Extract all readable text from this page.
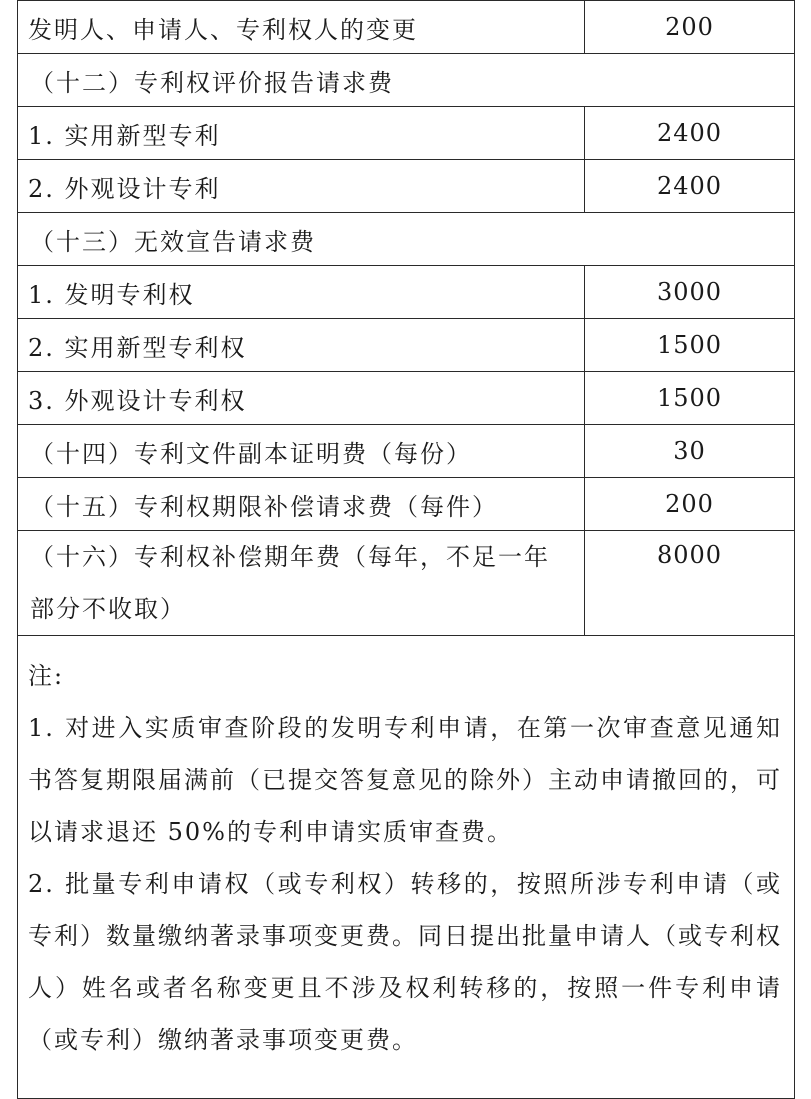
发明人、申请人、专利权人的变更	200
（十二）专利权评价报告请求费	
1. 实用新型专利	2400
2. 外观设计专利	2400
（十三）无效宣告请求费	
1. 发明专利权	3000
2. 实用新型专利权	1500
3. 外观设计专利权	1500
（十四）专利文件副本证明费（每份）	30
（十五）专利权期限补偿请求费（每件）	200

（十六）专利权补偿期年费（每年，不足一年
部分不收取）	8000

注:

1. 对进入实质审查阶段的发明专利申请，在第一次审查意见通知书答复期限届满前（已提交答复意见的除外）主动申请撤回的，可以请求退还 50%的专利申请实质审查费。

2. 批量专利申请权（或专利权）转移的，按照所涉专利申请（或专利）数量缴纳著录事项变更费。同日提出批量申请人（或专利权人）姓名或者名称变更且不涉及权利转移的，按照一件专利申请（或专利）缴纳著录事项变更费。	
